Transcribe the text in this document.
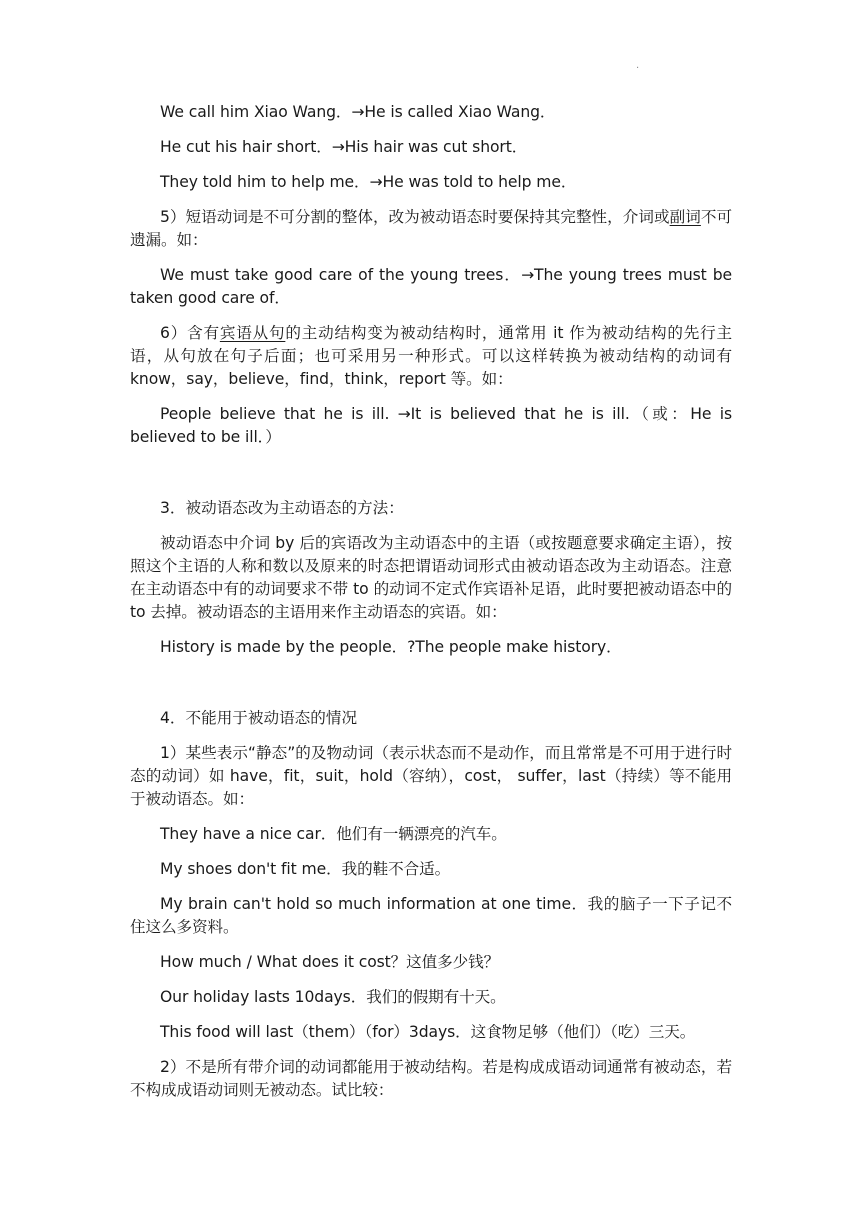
.

We call him Xiao Wang．→He is called Xiao Wang．

He cut his hair short．→His hair was cut short．

They told him to help me．→He was told to help me．

5）短语动词是不可分割的整体，改为被动语态时要保持其完整性，介词或副词不可遗漏。如：

We must take good care of the young trees．→The young trees must be taken good care of．

6）含有宾语从句的主动结构变为被动结构时，通常用 it 作为被动结构的先行主语，从句放在句子后面；也可采用另一种形式。可以这样转换为被动结构的动词有 know，say，believe，find，think，report 等。如：

People believe that he is ill. →It is believed that he is ill.（或：He is believed to be ill．）

3．被动语态改为主动语态的方法：

被动语态中介词 by 后的宾语改为主动语态中的主语（或按题意要求确定主语），按照这个主语的人称和数以及原来的时态把谓语动词形式由被动语态改为主动语态。注意在主动语态中有的动词要求不带 to 的动词不定式作宾语补足语，此时要把被动语态中的 to 去掉。被动语态的主语用来作主动语态的宾语。如：

History is made by the people．?The people make history．

4．不能用于被动语态的情况

1）某些表示“静态”的及物动词（表示状态而不是动作，而且常常是不可用于进行时态的动词）如 have，fit，suit，hold（容纳），cost， suffer，last（持续）等不能用于被动语态。如：

They have a nice car．他们有一辆漂亮的汽车。

My shoes don't fit me．我的鞋不合适。

My brain can't hold so much information at one time．我的脑子一下子记不住这么多资料。

How much / What does it cost？这值多少钱？

Our holiday lasts 10days．我们的假期有十天。

This food will last（them）（for）3days．这食物足够（他们）（吃）三天。

2）不是所有带介词的动词都能用于被动结构。若是构成成语动词通常有被动态，若不构成成语动词则无被动态。试比较：
